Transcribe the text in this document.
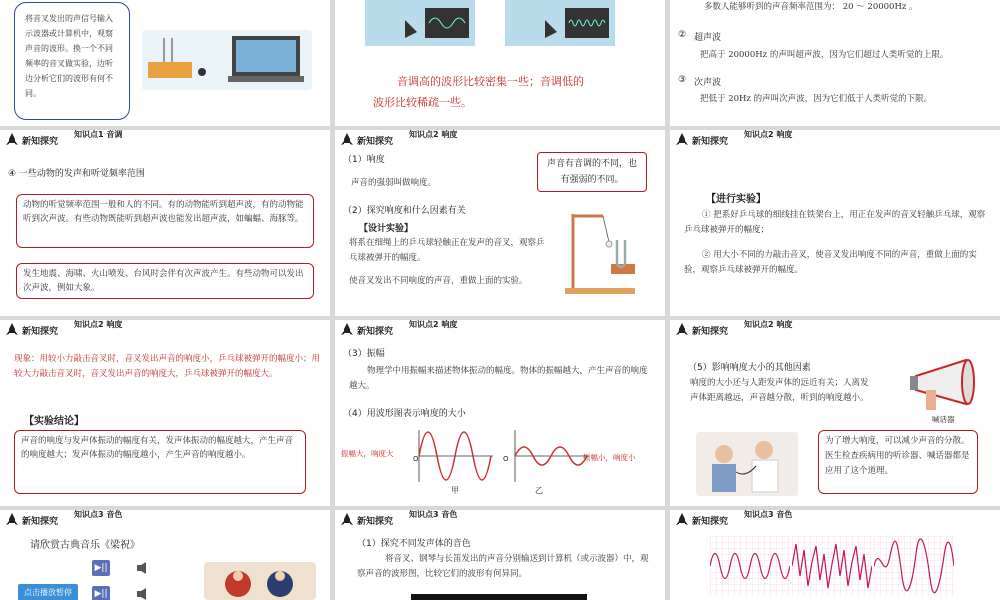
将音叉发出的声信号输入示波器或计算机中，观察声音的波形。换一个不同频率的音叉做实验，边听边分析它们的波形有何不同。
音调高的波形比较密集一些；音调低的
波形比较稀疏一些。
多数人能够听到的声音频率范围为： 20 ～ 20000Hz 。
② 超声波
把高于 20000Hz 的声叫超声波，因为它们超过人类听觉的上限。
③ 次声波
把低于 20Hz 的声叫次声波，因为它们低于人类听觉的下限。
新知探究
知识点1 音调
④ 一些动物的发声和听觉频率范围
动物的听觉频率范围一般和人的不同。有的动物能听到超声波，有的动物能听到次声波。有些动物既能听到超声波也能发出超声波，如蝙蝠、海豚等。
发生地震、海啸、火山喷发、台风时会伴有次声波产生。有些动物可以发出次声波，例如大象。
新知探究
知识点2 响度
（1）响度
声音的强弱叫做响度。
声音有音调的不同，也有强弱的不同。
（2）探究响度和什么因素有关
【设计实验】
将系在细绳上的乒乓球轻触正在发声的音叉，观察乒乓球被弹开的幅度。
使音叉发出不同响度的声音，重做上面的实验。
新知探究
知识点2 响度
【进行实验】
① 把系好乒乓球的细线挂在铁架台上，用正在发声的音叉轻触乒乓球，观察乒乓球被弹开的幅度；
② 用大小不同的力敲击音叉，使音叉发出响度不同的声音，重做上面的实验，观察乒乓球被弹开的幅度。
新知探究
知识点2 响度
现象：用较小力敲击音叉时，音叉发出声音的响度小，乒乓球被弹开的幅度小；用较大力敲击音叉时，音叉发出声音的响度大，乒乓球被弹开的幅度大。
【实验结论】
声音的响度与发声体振动的幅度有关，发声体振动的幅度越大，产生声音的响度越大；发声体振动的幅度越小，产生声音的响度越小。
新知探究
知识点2 响度
（3）振幅
物理学中用振幅来描述物体振动的幅度。物体的振幅越大，产生声音的响度越大。
（4）用波形图表示响度的大小
振幅大，响度大	振幅小，响度小
O
甲
O
乙
新知探究
知识点2 响度
（5）影响响度大小的其他因素
响度的大小还与人距发声体的远近有关；人离发声体距离越远，声音越分散，听到的响度越小。
喊话器
为了增大响度，可以减少声音的分散。医生检查疾病用的听诊器、喊话器都是应用了这个道理。
新知探究
知识点3 音色
请欣赏古典音乐《梁祝》
▶||
点击播放暂停	▶||
新知探究
知识点3 音色
（1）探究不同发声体的音色
将音叉、钢琴与长笛发出的声音分别输送到计算机（或示波器）中，观察声音的波形图，比较它们的波形有何异同。
新知探究
知识点3 音色
